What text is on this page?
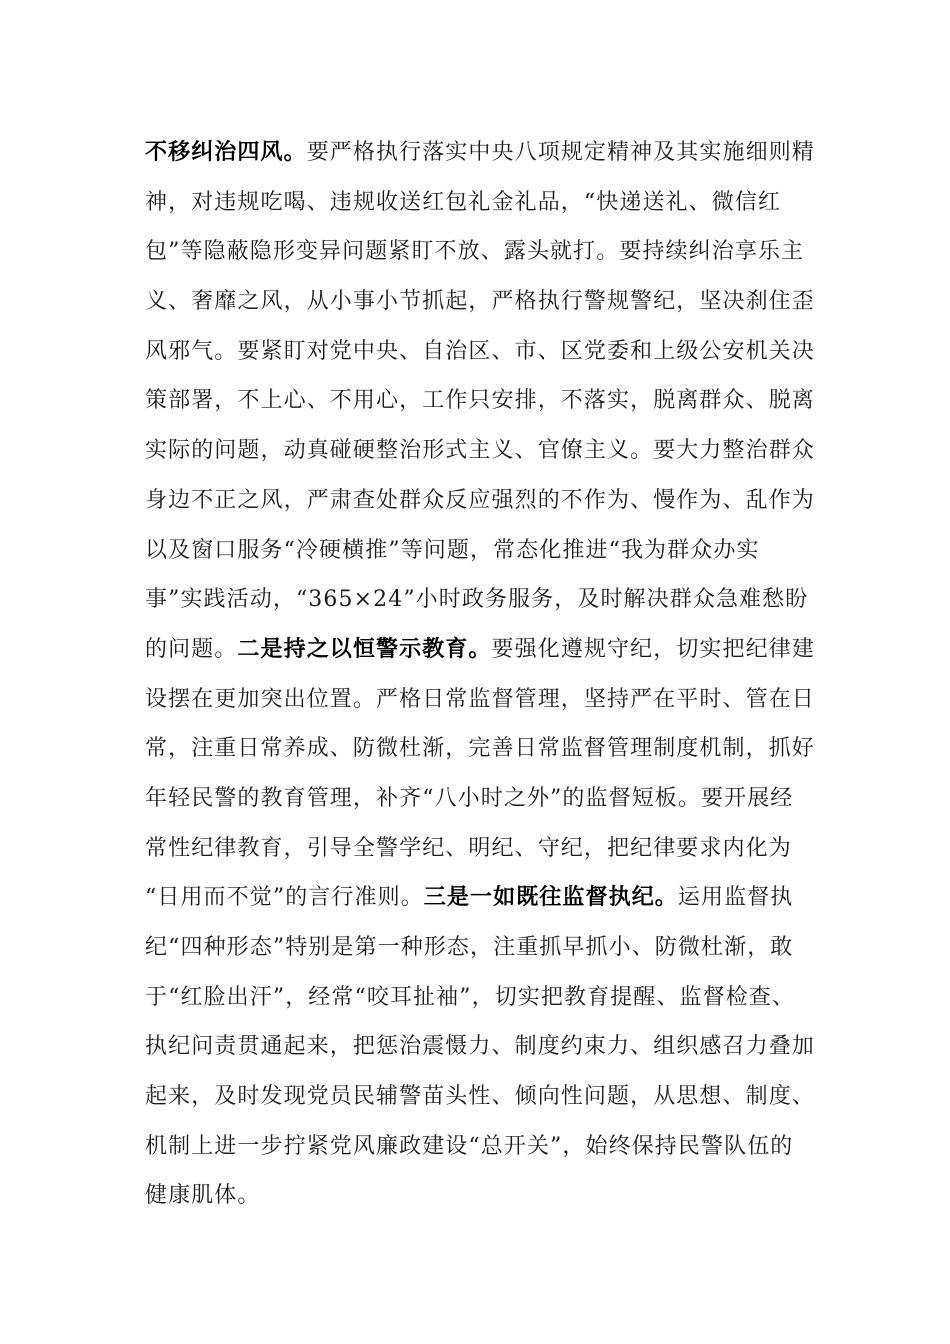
不移纠治四风。要严格执行落实中央八项规定精神及其实施细则精
神，对违规吃喝、违规收送红包礼金礼品，“快递送礼、微信红
包”等隐蔽隐形变异问题紧盯不放、露头就打。要持续纠治享乐主
义、奢靡之风，从小事小节抓起，严格执行警规警纪，坚决刹住歪
风邪气。要紧盯对党中央、自治区、市、区党委和上级公安机关决
策部署，不上心、不用心，工作只安排，不落实，脱离群众、脱离
实际的问题，动真碰硬整治形式主义、官僚主义。要大力整治群众
身边不正之风，严肃查处群众反应强烈的不作为、慢作为、乱作为
以及窗口服务“冷硬横推”等问题，常态化推进“我为群众办实
事”实践活动，“365×24”小时政务服务，及时解决群众急难愁盼
的问题。二是持之以恒警示教育。要强化遵规守纪，切实把纪律建
设摆在更加突出位置。严格日常监督管理，坚持严在平时、管在日
常，注重日常养成、防微杜渐，完善日常监督管理制度机制，抓好
年轻民警的教育管理，补齐“八小时之外”的监督短板。要开展经
常性纪律教育，引导全警学纪、明纪、守纪，把纪律要求内化为
“日用而不觉”的言行准则。三是一如既往监督执纪。运用监督执
纪“四种形态”特别是第一种形态，注重抓早抓小、防微杜渐，敢
于“红脸出汗”，经常“咬耳扯袖”，切实把教育提醒、监督检查、
执纪问责贯通起来，把惩治震慑力、制度约束力、组织感召力叠加
起来，及时发现党员民辅警苗头性、倾向性问题，从思想、制度、
机制上进一步拧紧党风廉政建设“总开关”，始终保持民警队伍的
健康肌体。
